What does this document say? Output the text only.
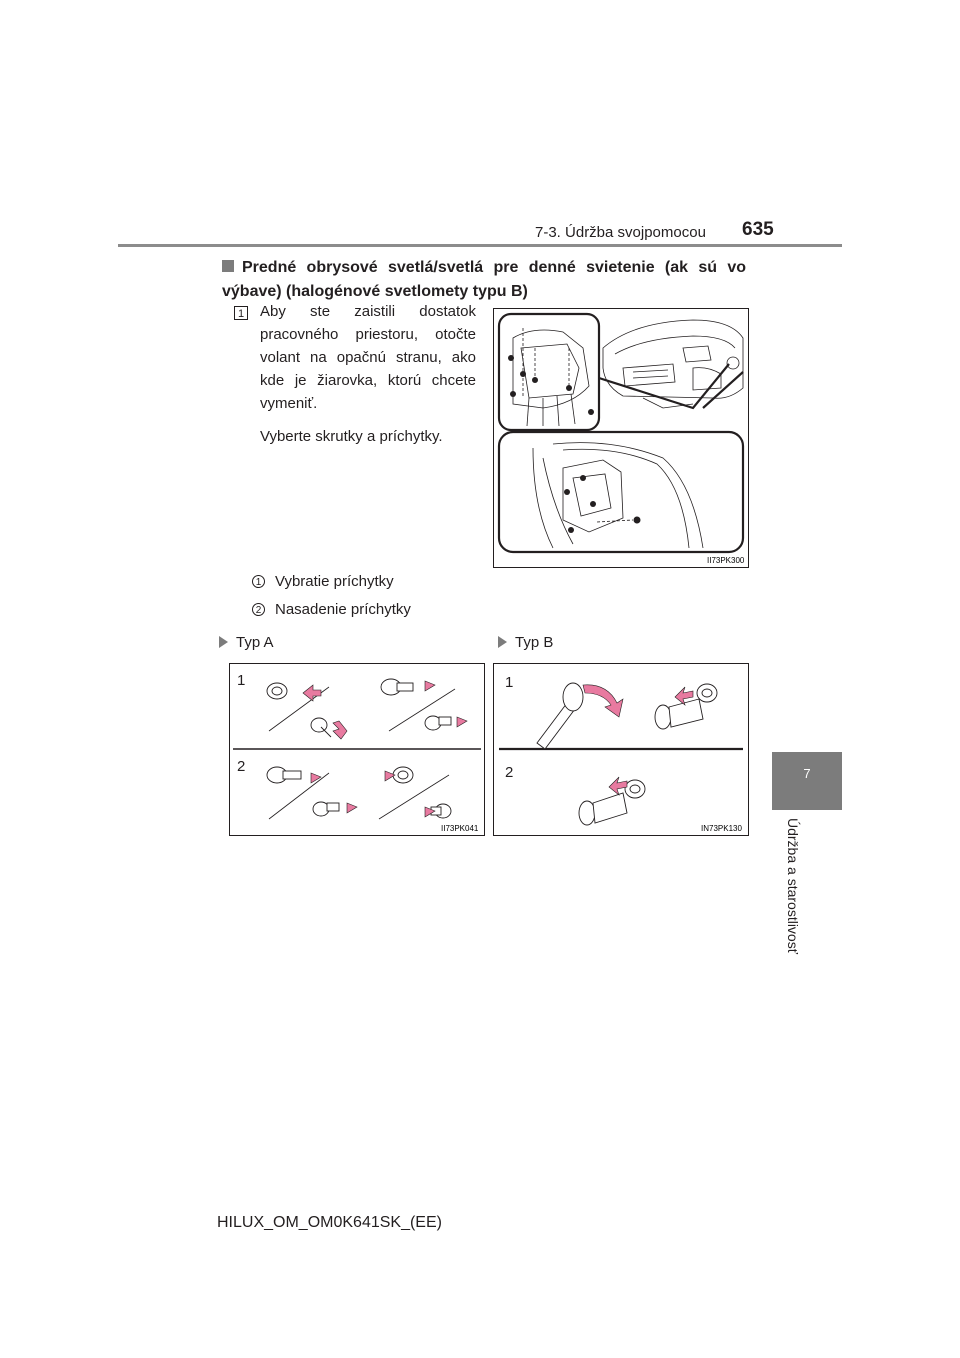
7-3. Údržba svojpomocou 635
7
Údržba a starostlivosť
Predné obrysové svetlá/svetlá pre denné svietenie (ak sú vo výbave) (halogénové svetlomety typu B)
1 Aby ste zaistili dostatok pracovného priestoru, otočte volant na opačnú stranu, ako kde je žiarovka, ktorú chcete vymeniť.

Vyberte skrutky a príchytky.

II73PK300
1 Vybratie príchytky
2 Nasadenie príchytky
Typ A	Typ B
1
2
II73PK041
1
2
IN73PK130
HILUX_OM_OM0K641SK_(EE)
